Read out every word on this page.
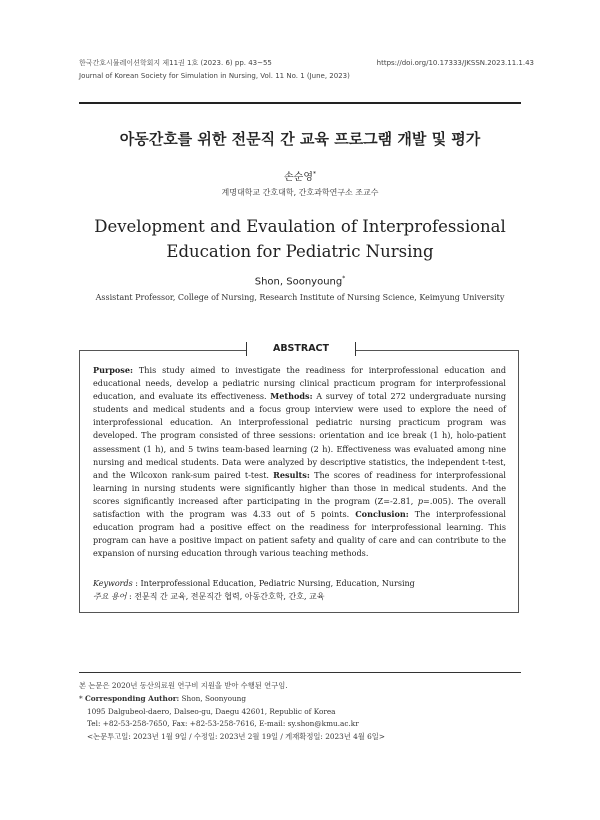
한국간호시뮬레이션학회지 제11권 1호 (2023. 6) pp. 43~55	https://doi.org/10.17333/JKSSN.2023.11.1.43
Journal of Korean Society for Simulation in Nursing, Vol. 11 No. 1 (June, 2023)
아동간호를 위한 전문직 간 교육 프로그램 개발 및 평가
손순영*
계명대학교 간호대학, 간호과학연구소 조교수
Development and Evaulation of Interprofessional Education for Pediatric Nursing
Shon, Soonyoung*
Assistant Professor, College of Nursing, Research Institute of Nursing Science, Keimyung University
ABSTRACT
Purpose: This study aimed to investigate the readiness for interprofessional education and educational needs, develop a pediatric nursing clinical practicum program for interprofessional education, and evaluate its effectiveness. Methods: A survey of total 272 undergraduate nursing students and medical students and a focus group interview were used to explore the need of interprofessional education. An interprofessional pediatric nursing practicum program was developed. The program consisted of three sessions: orientation and ice break (1 h), holo-patient assessment (1 h), and 5 twins team-based learning (2 h). Effectiveness was evaluated among nine nursing and medical students. Data were analyzed by descriptive statistics, the independent t-test, and the Wilcoxon rank-sum paired t-test. Results: The scores of readiness for interprofessional learning in nursing students were significantly higher than those in medical students. And the scores significantly increased after participating in the program (Z=-2.81, p=.005). The overall satisfaction with the program was 4.33 out of 5 points. Conclusion: The interprofessional education program had a positive effect on the readiness for interprofessional learning. This program can have a positive impact on patient safety and quality of care and can contribute to the expansion of nursing education through various teaching methods.
Keywords : Interprofessional Education, Pediatric Nursing, Education, Nursing
주요 용어 : 전문직 간 교육, 전문직간 협력, 아동간호학, 간호, 교육
본 논문은 2020년 동산의료원 연구비 지원을 받아 수행된 연구임.
* Corresponding Author: Shon, Soonyoung
1095 Dalgubeol-daero, Dalseo-gu, Daegu 42601, Republic of Korea
Tel: +82-53-258-7650, Fax: +82-53-258-7616, E-mail: sy.shon@kmu.ac.kr
<논문투고일: 2023년 1월 9일 / 수정일: 2023년 2월 19일 / 게재확정일: 2023년 4월 6일>
